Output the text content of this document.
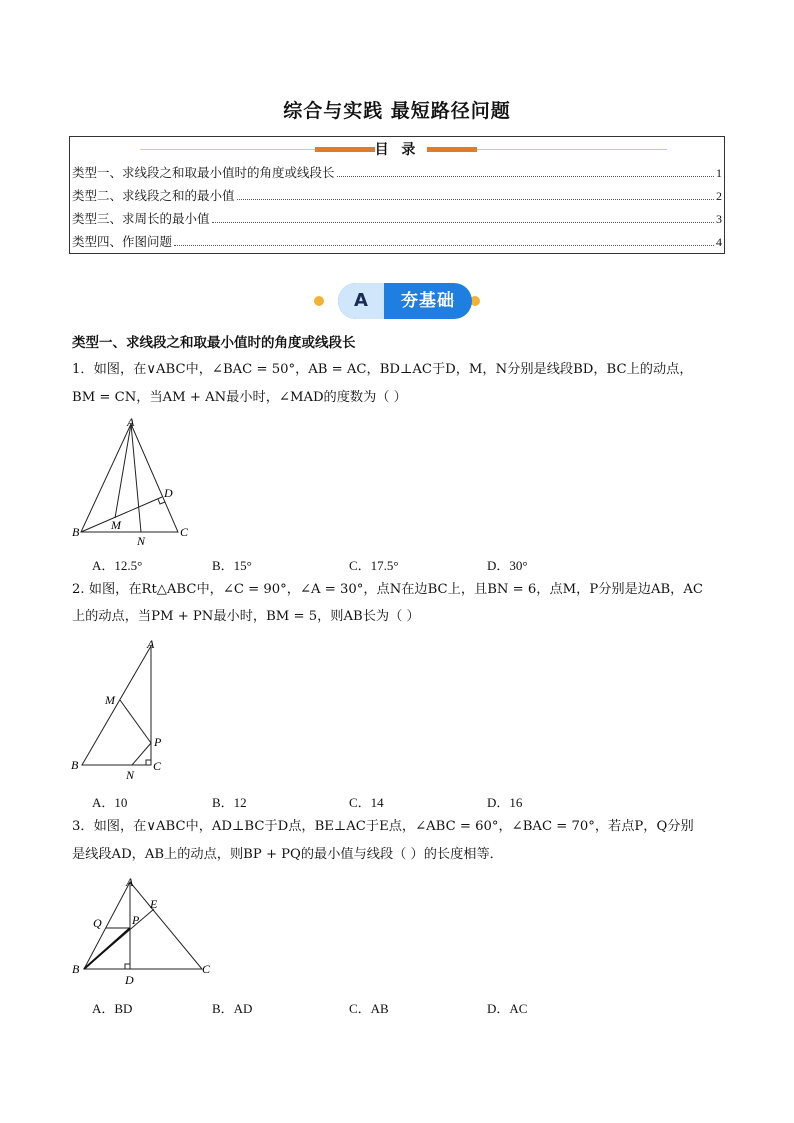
综合与实践 最短路径问题
目 录
类型一、求线段之和取最小值时的角度或线段长	1
类型二、求线段之和的最小值	2
类型三、求周长的最小值	3
类型四、作图问题	4
A	夯基础
类型一、求线段之和取最小值时的角度或线段长
1．如图，在∨ABC中，∠BAC = 50°，AB = AC，BD⊥AC于D，M，N分别是线段BD，BC上的动点，
BM = CN，当AM + AN最小时，∠MAD的度数为（ ）
A
D
B	M
N
C
A．12.5°	B．15°	C．17.5°	D．30°
2. 如图，在Rt△ABC中，∠C = 90°，∠A = 30°，点N在边BC上，且BN = 6，点M，P分别是边AB，AC
上的动点，当PM + PN最小时，BM = 5，则AB长为（ ）
A
M
P
B
N
C
A．10	B．12	C．14	D．16
3．如图，在∨ABC中，AD⊥BC于D点，BE⊥AC于E点，∠ABC = 60°，∠BAC = 70°，若点P，Q分别
是线段AD，AB上的动点，则BP + PQ的最小值与线段（ ）的长度相等．
A
E
Q	P
B
D
C
A．BD	B．AD	C．AB	D．AC
